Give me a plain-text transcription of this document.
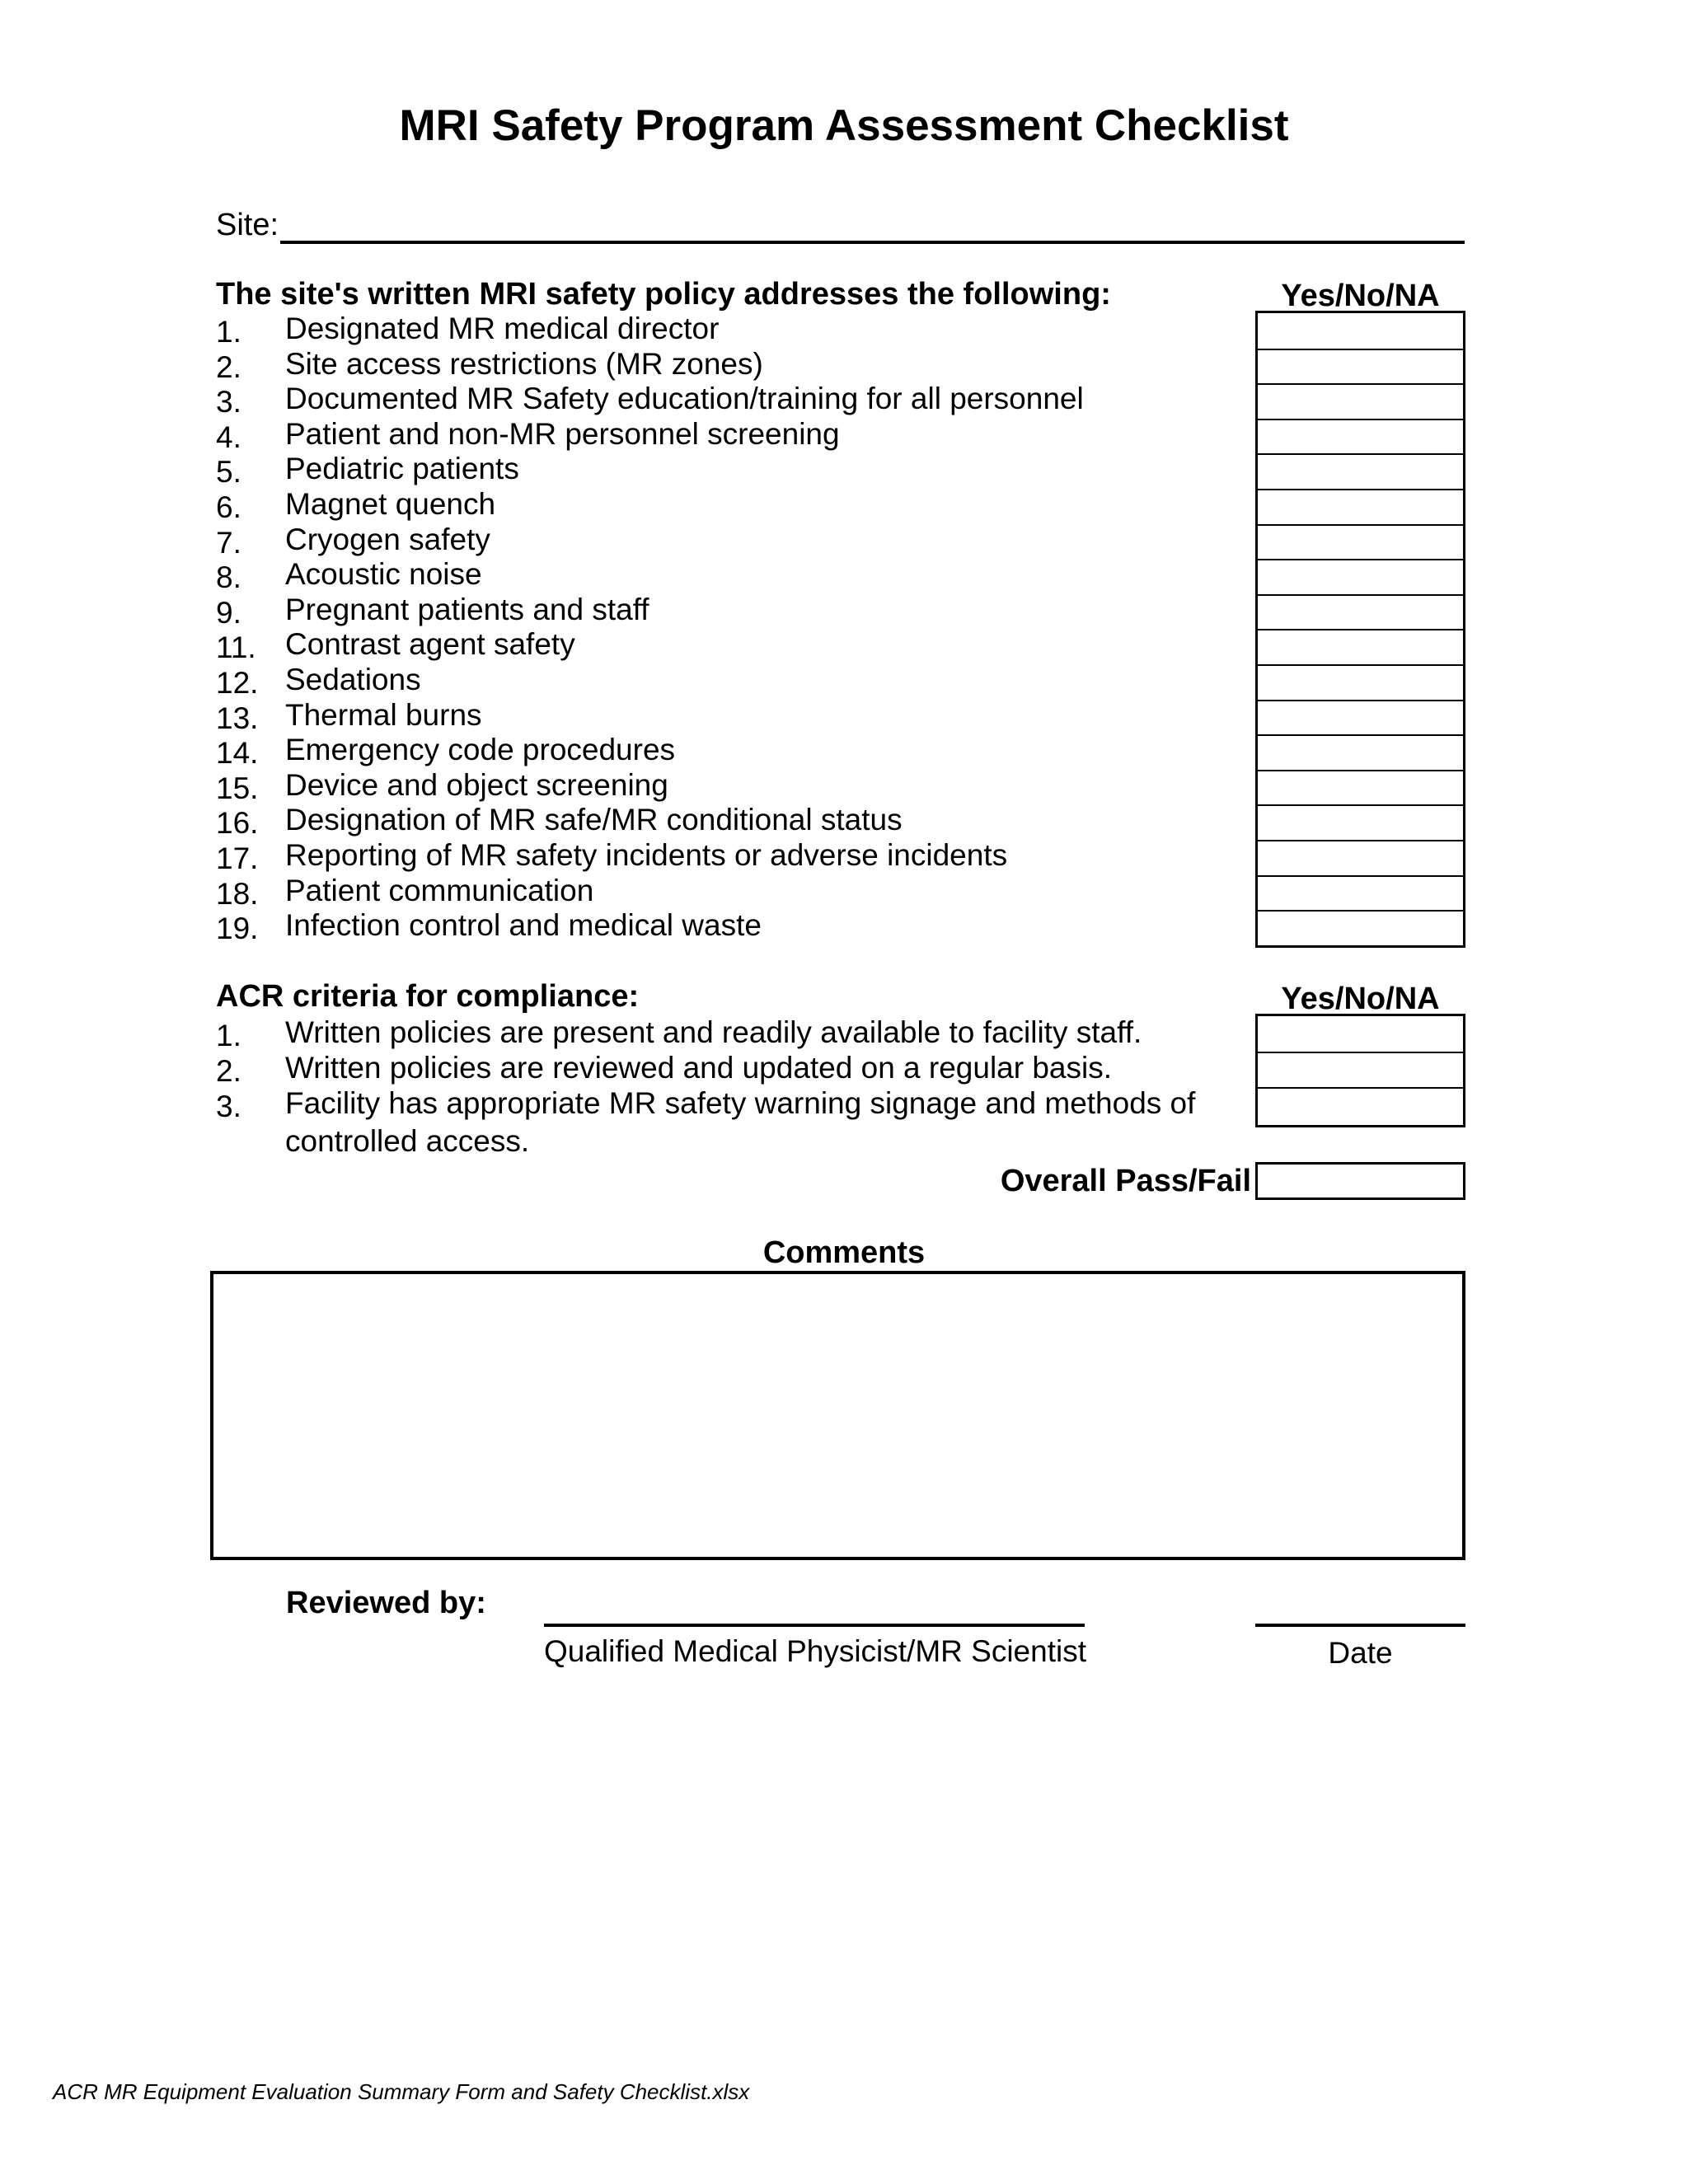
MRI Safety Program Assessment Checklist
Site:
The site's written MRI safety policy addresses the following:	Yes/No/NA
1. Designated MR medical director
2. Site access restrictions (MR zones)
3. Documented MR Safety education/training for all personnel
4. Patient and non-MR personnel screening
5. Pediatric patients
6. Magnet quench
7. Cryogen safety
8. Acoustic noise
9. Pregnant patients and staff
11. Contrast agent safety
12. Sedations
13. Thermal burns
14. Emergency code procedures
15. Device and object screening
16. Designation of MR safe/MR conditional status
17. Reporting of MR safety incidents or adverse incidents
18. Patient communication
19. Infection control and medical waste
ACR criteria for compliance:	Yes/No/NA
1. Written policies are present and readily available to facility staff.
2. Written policies are reviewed and updated on a regular basis.
3. Facility has appropriate MR safety warning signage and methods of controlled access.
Overall Pass/Fail
Comments
Reviewed by:
Qualified Medical Physicist/MR Scientist	Date
ACR MR Equipment Evaluation Summary Form and Safety Checklist.xlsx
